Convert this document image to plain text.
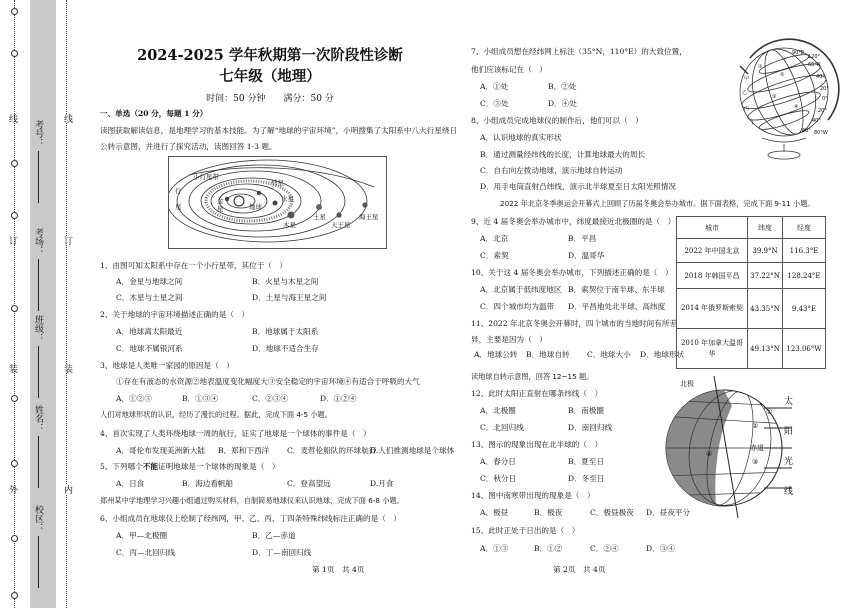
线
订
装
外
考号：
考场：
班级：
姓名：
校区：
线
订
装
内
2024-2025 学年秋期第一次阶段性诊断
七年级（地理）
时间：50 分钟　　满分：50 分
一、单选（20 分，每题 1 分）
读图获取解读信息，是地理学习的基本技能。为了解“地球的宇宙环境”，小明搜集了太阳系中八大行星绕日
公转示意图，并进行了探究活动，读图回答 1-3 题。
小行星带
彗星
行
星
金
星	地球
水星
木星
土星
天王星
海王星
1、由图可知太阳系中存在一个小行星带，其位于（　）
A．金星与地球之间	B．火星与木星之间
C．木星与土星之间	D．土星与海王星之间
2、关于地球的宇宙环境描述正确的是（　）
A．地球离太阳最近	B．地球属于太阳系
C．地球不属银河系	D．地球不适合生存
3、地球是人类唯一家园的原因是（　）
①存在有液态的水资源②地表温度变化幅度大③安全稳定的宇宙环境④有适合于呼吸的大气
A．①②③	B．①③④	C．②③④	D．①②④
人们对地球形状的认识，经历了漫长的过程。据此，完成下面 4-5 小题。
4、首次实现了人类环绕地球一周的航行，证实了地球是一个球体的事件是（　）
A．哥伦布发现美洲新大陆 B．郑和下西洋 C．麦哲伦船队的环球航行
D.人们推测地球是个球体
5、下列哪个不能证明地球是一个球体的现象是（　）
A．日食	B．海边看帆船	C．登高望远	D.月食
郑州某中学地理学习兴趣小组通过购买材料，自制简易地球仪来认识地球，完成下面 6-8 小题。
6、小组成员在地球仪上绘制了经纬网，甲、乙、丙、丁四条特殊纬线标注正确的是（　）
A．甲—北极圈	B．乙—赤道
C．丙—北回归线	D．丁—南回归线
第 1页　共 4页
7、小组成员想在经纬网上标注（35°N，110°E）的大致位置，
他们应该标记在（　）
A．①处	B．②处
C．③处	D．④处
①
②
③
④
甲
乙
丙
丁
60°N
40°
20°
0°
20°
40°
60°
90°E
120°
80°W
8、小组成员完成地球仪的制作后，他们可以（　）
A．认识地球的真实形状
B．通过测量经纬线的长度，计算地球最大的周长
C．自右向左拨动地球，演示地球自转运动
D．用手电筒直射凸纬线，演示北半球夏至日太阳光照情况
2022 年北京冬季奥运会开幕式上回顾了历届冬奥会举办城市。据下面表格，完成下面 9-11 小题。
9、近 4 届冬奥会举办城市中，纬度最接近北极圈的是（　）
A．北京	B．平昌
C．索契	D．温哥华
10、关于这 4 届冬奥会举办城市，下列描述正确的是（　）
A．北京属于低纬度地区 B．索契位于南半球、东半球
C．四个城市均为温带 D．平昌地处北半球、高纬度
11、2022 年北京冬奥会开幕时，四个城市的当地时间有所差
异，主要是因为（　）
A．地球公转 B．地球自转 C．地球大小 D．地球形状
城市	纬度	经度
2022 年中国北京	39.9°N	116.3°E
2018 年韩国平昌	37.22°N	128.24°E
2014 年俄罗斯索契	43.35°N	9.43°E
2010 年加拿大温哥华	49.13°N	123.06°W
读地球自转示意图，回答 12~15 题。
12、此时太阳正直射在哪条纬线（　）
A．北极圈	B．南极圈
C．北回归线	D．南回归线
13、图示的现象出现在北半球的（　）
A．春分日	B．夏至日
C．秋分日	D．冬至日
14、图中南寒带出现的现象是（　）
A．极昼	B．极夜	C．极昼极夜 D．昼夜平分
15、此时正处于日出的是（　）
A．①③	B．①②	C．②④	D．③④
北极
①
②
③
④
赤道
太
阳
光
线
第 2页　共 4页
